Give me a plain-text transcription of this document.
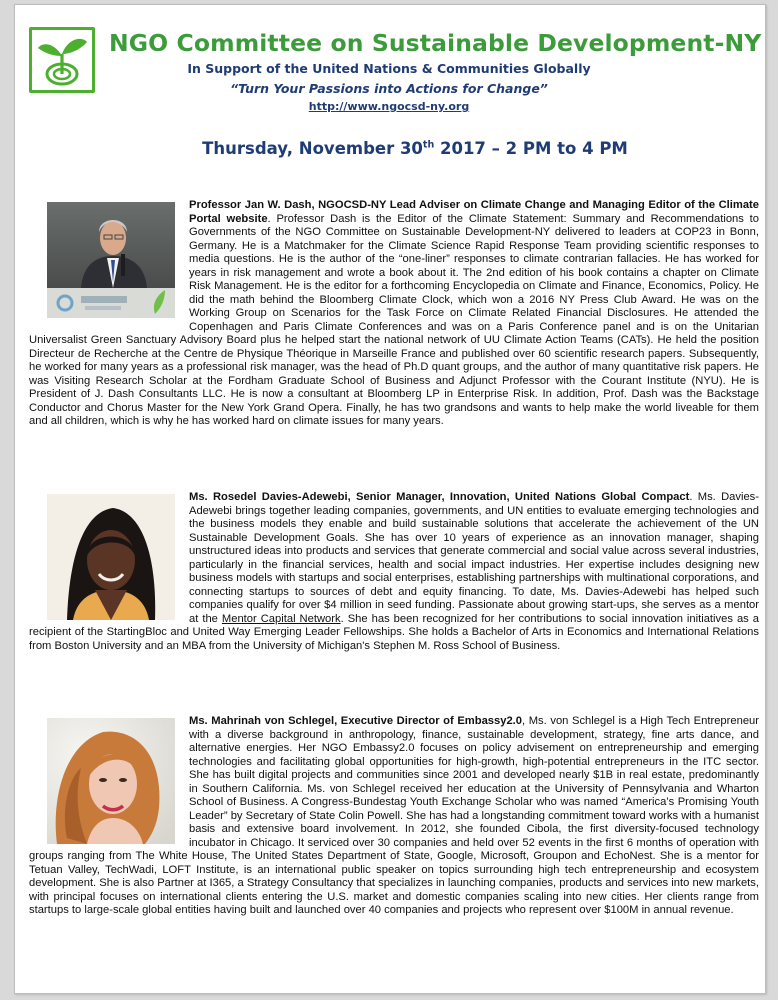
NGO Committee on Sustainable Development-NY
In Support of the United Nations & Communities Globally
“Turn Your Passions into Actions for Change”
http://www.ngocsd-ny.org
Thursday, November 30th 2017 – 2 PM to 4 PM
Professor Jan W. Dash, NGOCSD-NY Lead Adviser on Climate Change and Managing Editor of the Climate Portal website. Professor Dash is the Editor of the Climate Statement: Summary and Recommendations to Governments of the NGO Committee on Sustainable Development-NY delivered to leaders at COP23 in Bonn, Germany. He is a Matchmaker for the Climate Science Rapid Response Team providing scientific responses to media questions. He is the author of the “one-liner” responses to climate contrarian fallacies. He has worked for years in risk management and wrote a book about it. The 2nd edition of his book contains a chapter on Climate Risk Management. He is the editor for a forthcoming Encyclopedia on Climate and Finance, Economics, Policy. He did the math behind the Bloomberg Climate Clock, which won a 2016 NY Press Club Award. He was on the Working Group on Scenarios for the Task Force on Climate Related Financial Disclosures. He attended the Copenhagen and Paris Climate Conferences and was on a Paris Conference panel and is on the Unitarian Universalist Green Sanctuary Advisory Board plus he helped start the national network of UU Climate Action Teams (CATs). He held the position Directeur de Recherche at the Centre de Physique Théorique in Marseille France and published over 60 scientific research papers. Subsequently, he worked for many years as a professional risk manager, was the head of Ph.D quant groups, and the author of many quantitative risk papers. He was Visiting Research Scholar at the Fordham Graduate School of Business and Adjunct Professor with the Courant Institute (NYU). He is President of J. Dash Consultants LLC. He is now a consultant at Bloomberg LP in Enterprise Risk. In addition, Prof. Dash was the Backstage Conductor and Chorus Master for the New York Grand Opera. Finally, he has two grandsons and wants to help make the world liveable for them and all children, which is why he has worked hard on climate issues for many years.
Ms. Rosedel Davies-Adewebi, Senior Manager, Innovation, United Nations Global Compact. Ms. Davies-Adewebi brings together leading companies, governments, and UN entities to evaluate emerging technologies and the business models they enable and build sustainable solutions that accelerate the achievement of the UN Sustainable Development Goals. She has over 10 years of experience as an innovation manager, shaping unstructured ideas into products and services that generate commercial and social value across several industries, particularly in the financial services, health and social impact industries. Her expertise includes designing new business models with startups and social enterprises, establishing partnerships with multinational corporations, and connecting startups to sources of debt and equity financing. To date, Ms. Davies-Adewebi has helped such companies qualify for over $4 million in seed funding. Passionate about growing start-ups, she serves as a mentor at the Mentor Capital Network. She has been recognized for her contributions to social innovation initiatives as a recipient of the StartingBloc and United Way Emerging Leader Fellowships. She holds a Bachelor of Arts in Economics and International Relations from Boston University and an MBA from the University of Michigan's Stephen M. Ross School of Business.
Ms. Mahrinah von Schlegel, Executive Director of Embassy2.0, Ms. von Schlegel is a High Tech Entrepreneur with a diverse background in anthropology, finance, sustainable development, strategy, fine arts dance, and alternative energies. Her NGO Embassy2.0 focuses on policy advisement on entrepreneurship and emerging technologies and facilitating global opportunities for high-growth, high-potential entrepreneurs in the ITC sector. She has built digital projects and communities since 2001 and developed nearly $1B in real estate, predominantly in Southern California. Ms. von Schlegel received her education at the University of Pennsylvania and Wharton School of Business. A Congress-Bundestag Youth Exchange Scholar who was named “America’s Promising Youth Leader” by Secretary of State Colin Powell. She has had a longstanding commitment toward works with a humanist basis and extensive board involvement. In 2012, she founded Cibola, the first diversity-focused technology incubator in Chicago. It serviced over 30 companies and held over 52 events in the first 6 months of operation with groups ranging from The White House, The United States Department of State, Google, Microsoft, Groupon and EchoNest. She is a mentor for Tetuan Valley, TechWadi, LOFT Institute, is an international public speaker on topics surrounding high tech entrepreneurship and ecosystem development. She is also Partner at I365, a Strategy Consultancy that specializes in launching companies, products and services into new markets, with principal focuses on international clients entering the U.S. market and domestic companies scaling into new cities. Her clients range from startups to large-scale global entities having built and launched over 40 companies and projects who represent over $100M in annual revenue.
